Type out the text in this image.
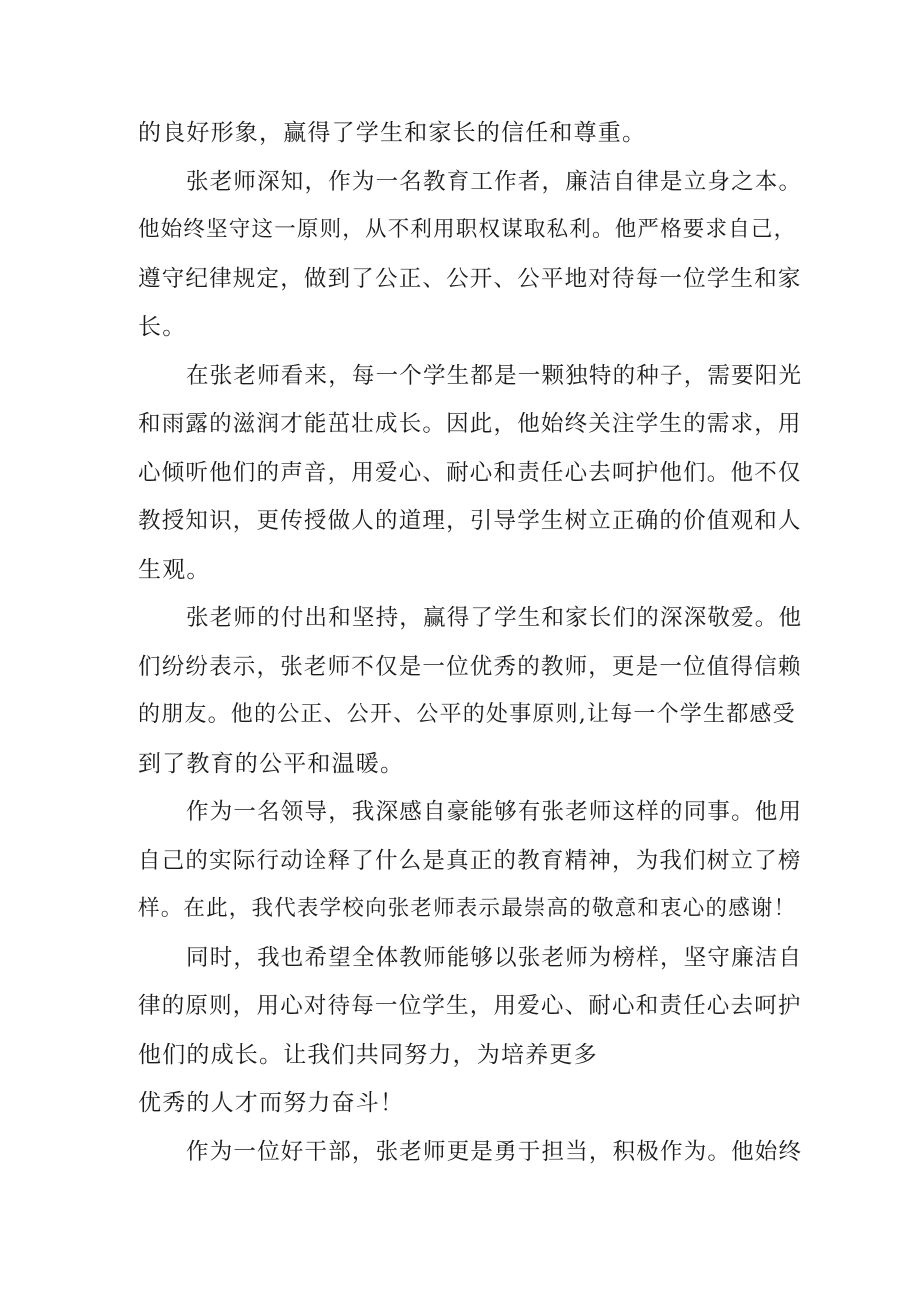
的良好形象，赢得了学生和家长的信任和尊重。
张老师深知，作为一名教育工作者，廉洁自律是立身之本。
他始终坚守这一原则，从不利用职权谋取私利。他严格要求自己，
遵守纪律规定，做到了公正、公开、公平地对待每一位学生和家
长。
在张老师看来，每一个学生都是一颗独特的种子，需要阳光
和雨露的滋润才能茁壮成长。因此，他始终关注学生的需求，用
心倾听他们的声音，用爱心、耐心和责任心去呵护他们。他不仅
教授知识，更传授做人的道理，引导学生树立正确的价值观和人
生观。
张老师的付出和坚持，赢得了学生和家长们的深深敬爱。他
们纷纷表示，张老师不仅是一位优秀的教师，更是一位值得信赖
的朋友。他的公正、公开、公平的处事原则,让每一个学生都感受
到了教育的公平和温暖。
作为一名领导，我深感自豪能够有张老师这样的同事。他用
自己的实际行动诠释了什么是真正的教育精神，为我们树立了榜
样。在此，我代表学校向张老师表示最崇高的敬意和衷心的感谢！
同时，我也希望全体教师能够以张老师为榜样，坚守廉洁自
律的原则，用心对待每一位学生，用爱心、耐心和责任心去呵护
他们的成长。让我们共同努力，为培养更多
优秀的人才而努力奋斗！
作为一位好干部，张老师更是勇于担当，积极作为。他始终
